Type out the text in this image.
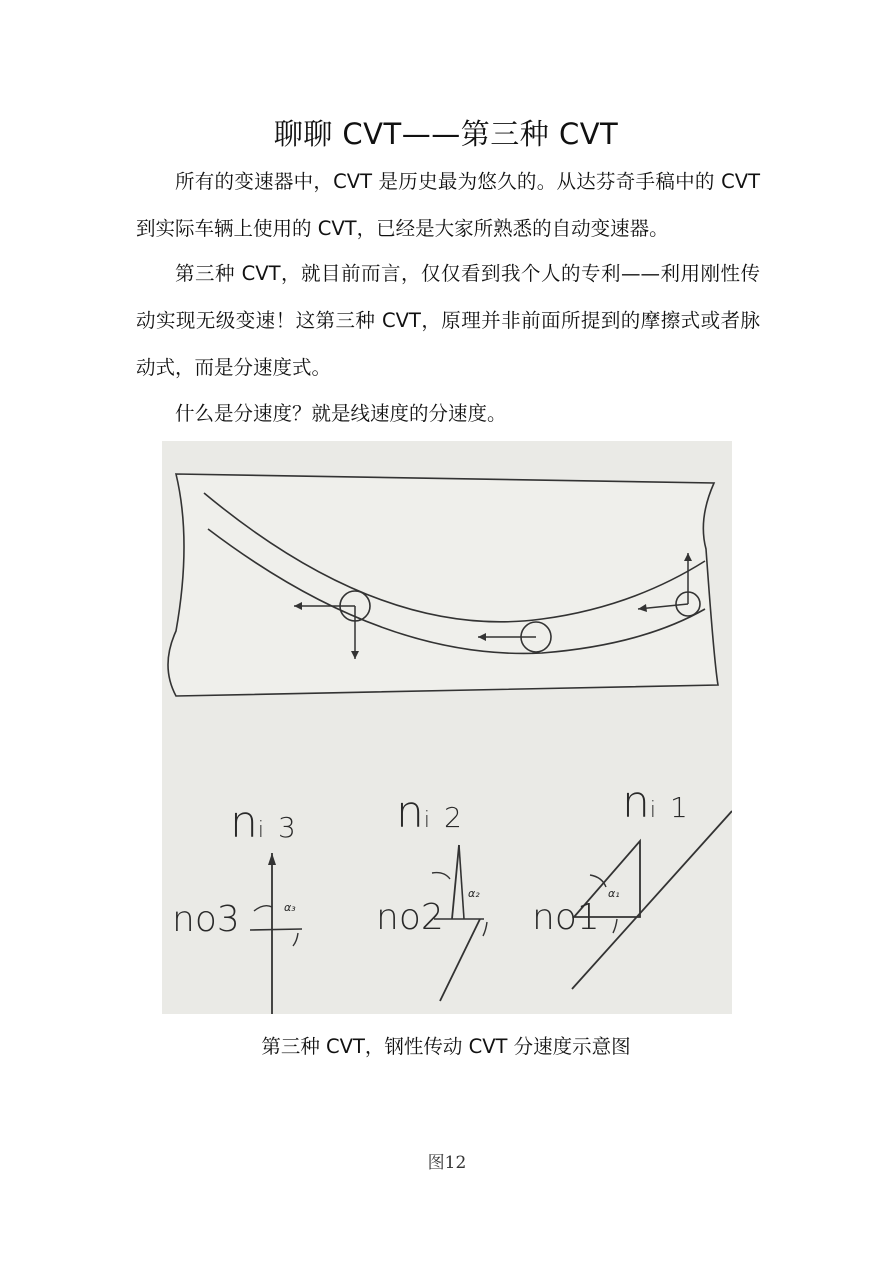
聊聊 CVT——第三种 CVT

所有的变速器中，CVT 是历史最为悠久的。从达芬奇手稿中的 CVT 到实际车辆上使用的 CVT，已经是大家所熟悉的自动变速器。

第三种 CVT，就目前而言，仅仅看到我个人的专利——利用刚性传动实现无级变速！这第三种 CVT，原理并非前面所提到的摩擦式或者脉动式，而是分速度式。

什么是分速度？就是线速度的分速度。

图12
ni 3 ni 2	ni 1
no3	no2 no1
α₃
α₂	α₁
第三种 CVT，钢性传动 CVT 分速度示意图
